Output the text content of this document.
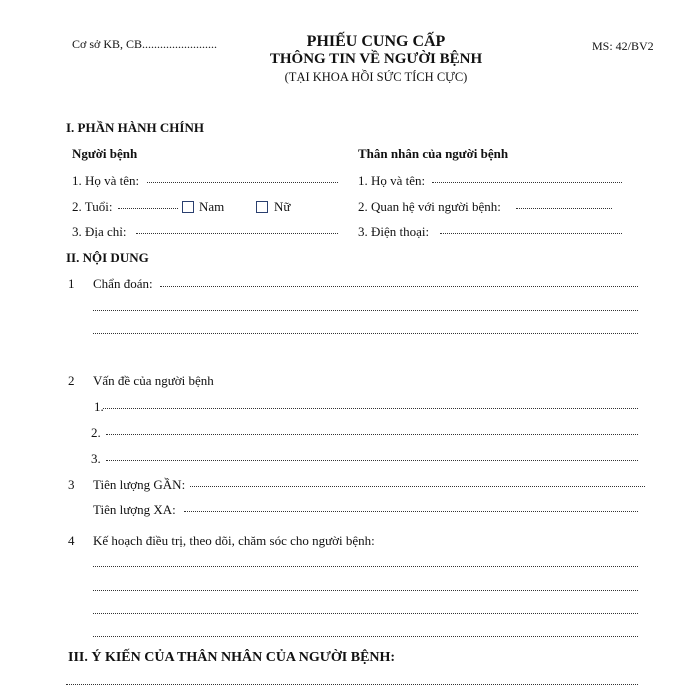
Cơ sở KB, CB.........................	PHIẾU CUNG CẤP
THÔNG TIN VỀ NGƯỜI BỆNH
(TẠI KHOA HỒI SỨC TÍCH CỰC)
MS: 42/BV2
I. PHẦN HÀNH CHÍNH
Người bệnh	Thân nhân của người bệnh
1. Họ và tên:	1. Họ và tên:
2. Tuổi:	Nam	Nữ	2. Quan hệ với người bệnh:
3. Địa chỉ:	3. Điện thoại:
II. NỘI DUNG
1 Chẩn đoán:
2 Vấn đề của người bệnh
1.
2.
3.
3 Tiên lượng GẦN:
Tiên lượng XA:
4 Kế hoạch điều trị, theo dõi, chăm sóc cho người bệnh:
III. Ý KIẾN CỦA THÂN NHÂN CỦA NGƯỜI BỆNH:
